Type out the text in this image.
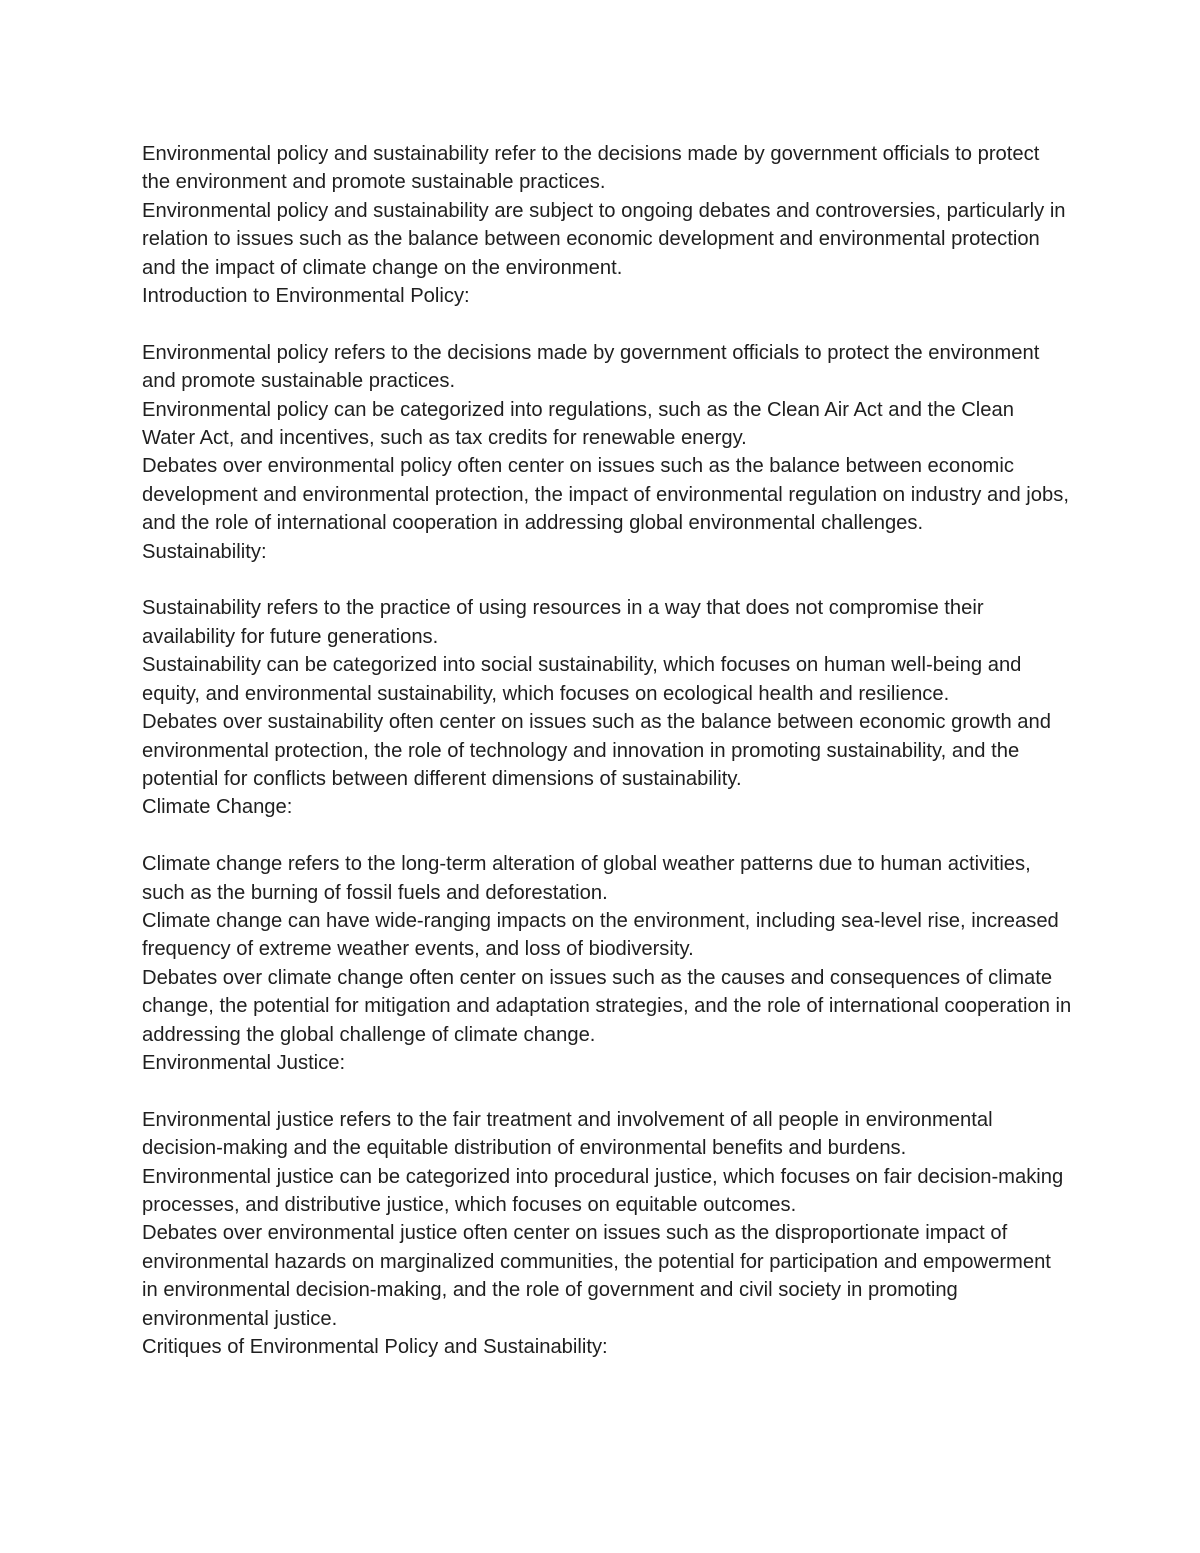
Environmental policy and sustainability refer to the decisions made by government officials to protect the environment and promote sustainable practices.

Environmental policy and sustainability are subject to ongoing debates and controversies, particularly in relation to issues such as the balance between economic development and environmental protection and the impact of climate change on the environment.

Introduction to Environmental Policy:

Environmental policy refers to the decisions made by government officials to protect the environment and promote sustainable practices.

Environmental policy can be categorized into regulations, such as the Clean Air Act and the Clean Water Act, and incentives, such as tax credits for renewable energy.

Debates over environmental policy often center on issues such as the balance between economic development and environmental protection, the impact of environmental regulation on industry and jobs, and the role of international cooperation in addressing global environmental challenges.

Sustainability:

Sustainability refers to the practice of using resources in a way that does not compromise their availability for future generations.

Sustainability can be categorized into social sustainability, which focuses on human well-being and equity, and environmental sustainability, which focuses on ecological health and resilience.

Debates over sustainability often center on issues such as the balance between economic growth and environmental protection, the role of technology and innovation in promoting sustainability, and the potential for conflicts between different dimensions of sustainability.

Climate Change:

Climate change refers to the long-term alteration of global weather patterns due to human activities, such as the burning of fossil fuels and deforestation.

Climate change can have wide-ranging impacts on the environment, including sea-level rise, increased frequency of extreme weather events, and loss of biodiversity.

Debates over climate change often center on issues such as the causes and consequences of climate change, the potential for mitigation and adaptation strategies, and the role of international cooperation in addressing the global challenge of climate change.

Environmental Justice:

Environmental justice refers to the fair treatment and involvement of all people in environmental decision-making and the equitable distribution of environmental benefits and burdens.

Environmental justice can be categorized into procedural justice, which focuses on fair decision-making processes, and distributive justice, which focuses on equitable outcomes.

Debates over environmental justice often center on issues such as the disproportionate impact of environmental hazards on marginalized communities, the potential for participation and empowerment in environmental decision-making, and the role of government and civil society in promoting environmental justice.

Critiques of Environmental Policy and Sustainability:
